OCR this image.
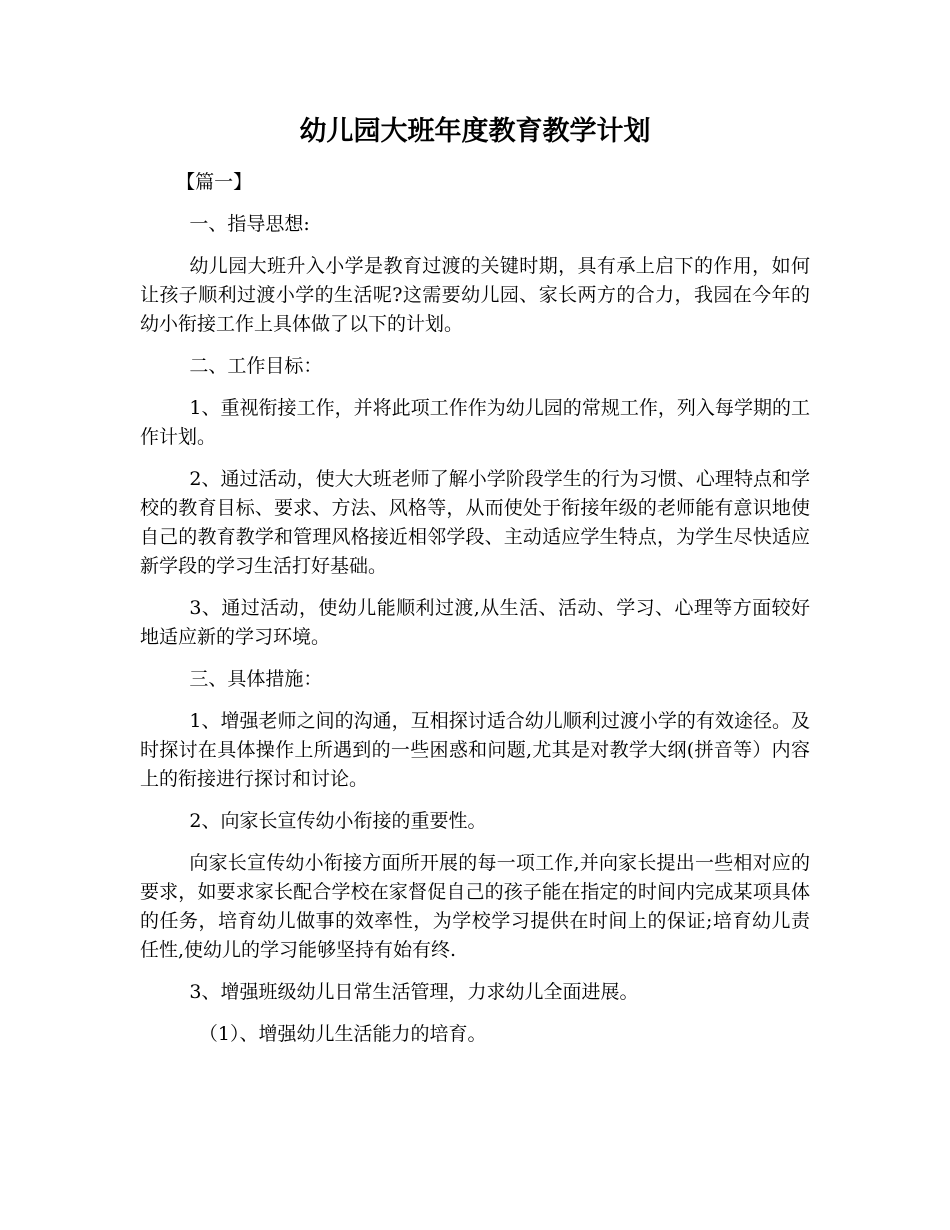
幼儿园大班年度教育教学计划

【篇一】

一、指导思想:

幼儿园大班升入小学是教育过渡的关键时期，具有承上启下的作用，如何让孩子顺利过渡小学的生活呢?这需要幼儿园、家长两方的合力，我园在今年的幼小衔接工作上具体做了以下的计划。

二、工作目标：

1、重视衔接工作，并将此项工作作为幼儿园的常规工作，列入每学期的工作计划。

2、通过活动，使大大班老师了解小学阶段学生的行为习惯、心理特点和学校的教育目标、要求、方法、风格等，从而使处于衔接年级的老师能有意识地使自己的教育教学和管理风格接近相邻学段、主动适应学生特点，为学生尽快适应新学段的学习生活打好基础。

3、通过活动，使幼儿能顺利过渡,从生活、活动、学习、心理等方面较好地适应新的学习环境。

三、具体措施：

1、增强老师之间的沟通，互相探讨适合幼儿顺利过渡小学的有效途径。及时探讨在具体操作上所遇到的一些困惑和问题,尤其是对教学大纲(拼音等）内容上的衔接进行探讨和讨论。

2、向家长宣传幼小衔接的重要性。

向家长宣传幼小衔接方面所开展的每一项工作,并向家长提出一些相对应的要求，如要求家长配合学校在家督促自己的孩子能在指定的时间内完成某项具体的任务，培育幼儿做事的效率性，为学校学习提供在时间上的保证;培育幼儿责任性,使幼儿的学习能够坚持有始有终.

3、增强班级幼儿日常生活管理，力求幼儿全面进展。

（1）、增强幼儿生活能力的培育。
